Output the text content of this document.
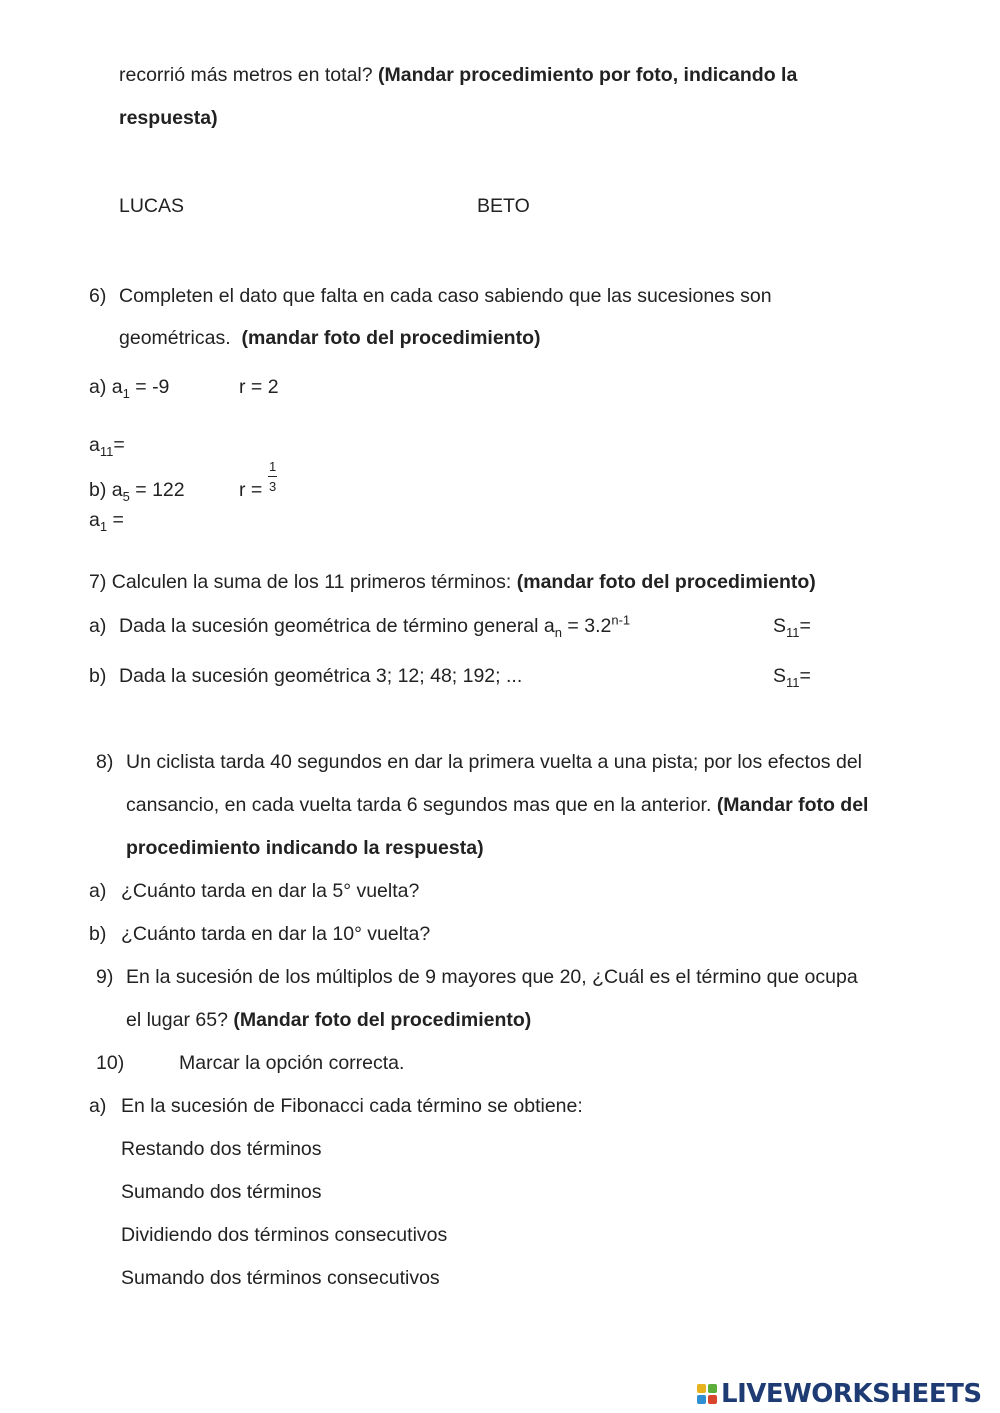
recorrió más metros en total? (Mandar procedimiento por foto, indicando la
respuesta)
LUCAS	BETO
6) Completen el dato que falta en cada caso sabiendo que las sucesiones son
geométricas. (mandar foto del procedimiento)
a) $a_1 = -9$	r = 2
$a_{11}=$
b) $a_5 = 122$	$r = \frac{1}{3}$
$a_1$ =
7) Calculen la suma de los 11 primeros términos: (mandar foto del procedimiento)
a) Dada la sucesión geométrica de término general $a_n = 3.2^{n-1}$	$S_{11}=$
b) Dada la sucesión geométrica 3; 12; 48; 192; ...	$S_{11}=$
8) Un ciclista tarda 40 segundos en dar la primera vuelta a una pista; por los efectos del
cansancio, en cada vuelta tarda 6 segundos mas que en la anterior. (Mandar foto del
procedimiento indicando la respuesta)
a) ¿Cuánto tarda en dar la 5° vuelta?
b) ¿Cuánto tarda en dar la 10° vuelta?
9) En la sucesión de los múltiplos de 9 mayores que 20, ¿Cuál es el término que ocupa
el lugar 65? (Mandar foto del procedimiento)
10)	Marcar la opción correcta.
a) En la sucesión de Fibonacci cada término se obtiene:
Restando dos términos
Sumando dos términos
Dividiendo dos términos consecutivos
Sumando dos términos consecutivos
LIVEWORKSHEETS
